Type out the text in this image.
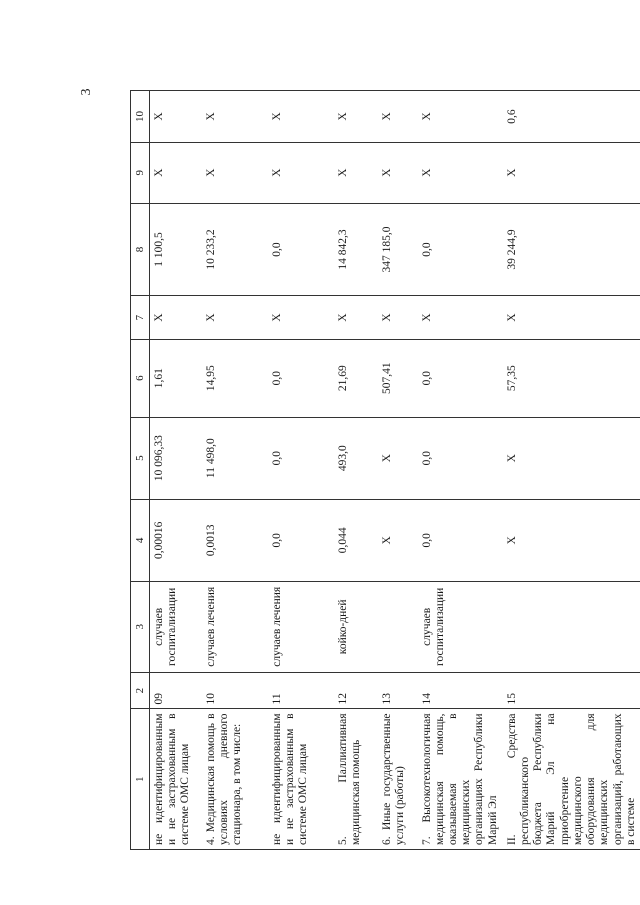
3
1	2	3	4	5	6	7	8	9	10
не идентифицированным и не застрахованным в системе ОМС лицам	09	случаев госпитализации	0,00016	10 096,33	1,61	X	1 100,5	X	X
4. Медицинская помощь в условиях дневного стационара, в том числе:	10	случаев лечения	0,0013	11 498,0	14,95	X	10 233,2	X	X
не идентифицированным и не застрахованным в системе ОМС лицам	11	случаев лечения	0,0	0,0	0,0	X	0,0	X	X
5. Паллиативная медицинская помощь	12	койко-дней	0,044	493,0	21,69	X	14 842,3	X	X
6. Иные государственные услуги (работы)	13		X	X	507,41	X	347 185,0	X	X
7. Высокотехнологичная медицинская помощь, оказываемая в медицинских организациях Республики Марий Эл	14	случаев госпитализации	0,0	0,0	0,0	X	0,0	X	X
II. Средства республиканского бюджета Республики Марий Эл на приобретение медицинского оборудования для медицинских организаций, работающих в системе	15		X	X	57,35	X	39 244,9	X	0,6
